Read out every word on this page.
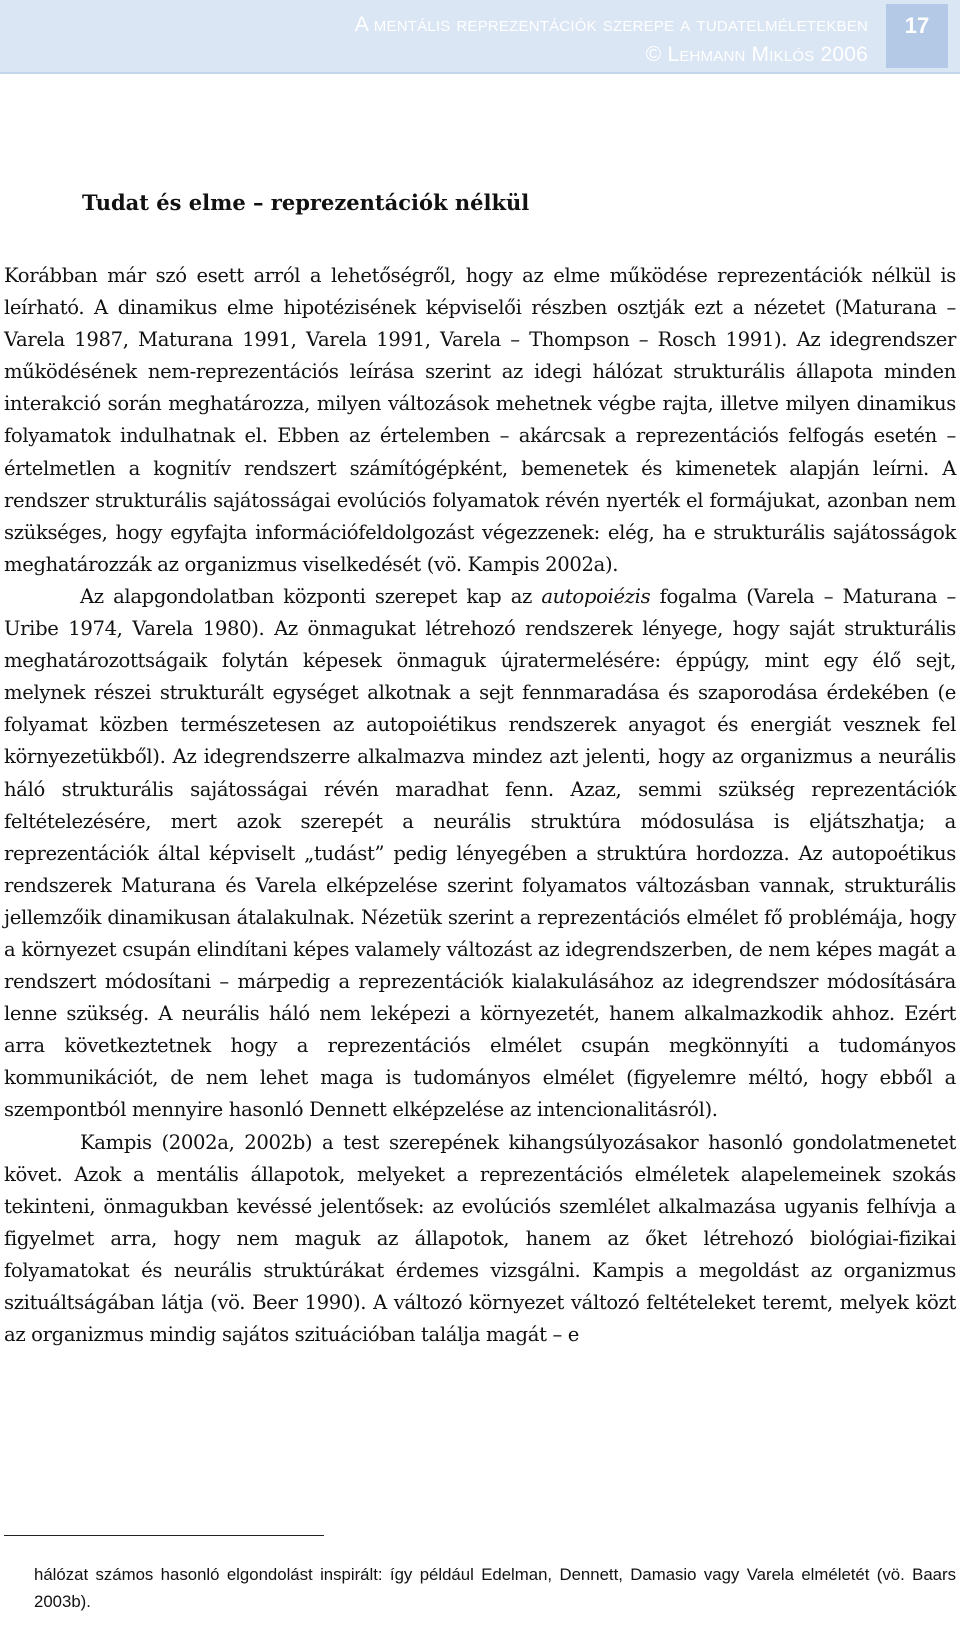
A mentális reprezentációk szerepe a tudatelméletekben
© Lehmann Miklós 2006
17
Tudat és elme – reprezentációk nélkül

Korábban már szó esett arról a lehetőségről, hogy az elme működése reprezentációk nélkül is leírható. A dinamikus elme hipotézisének képviselői részben osztják ezt a nézetet (Maturana – Varela 1987, Maturana 1991, Varela 1991, Varela – Thompson – Rosch 1991). Az idegrendszer működésének nem-reprezentációs leírása szerint az idegi hálózat strukturális állapota minden interakció során meghatározza, milyen változások mehetnek végbe rajta, illetve milyen dinamikus folyamatok indulhatnak el. Ebben az értelemben – akárcsak a reprezentációs felfogás esetén – értelmetlen a kognitív rendszert számítógépként, bemenetek és kimenetek alapján leírni. A rendszer strukturális sajátosságai evolúciós folyamatok révén nyerték el formájukat, azonban nem szükséges, hogy egyfajta információfeldolgozást végezzenek: elég, ha e strukturális sajátosságok meghatározzák az organizmus viselkedését (vö. Kampis 2002a).

Az alapgondolatban központi szerepet kap az autopoiézis fogalma (Varela – Maturana – Uribe 1974, Varela 1980). Az önmagukat létrehozó rendszerek lényege, hogy saját strukturális meghatározottságaik folytán képesek önmaguk újratermelésére: éppúgy, mint egy élő sejt, melynek részei strukturált egységet alkotnak a sejt fennmaradása és szaporodása érdekében (e folyamat közben természetesen az autopoiétikus rendszerek anyagot és energiát vesznek fel környezetükből). Az idegrendszerre alkalmazva mindez azt jelenti, hogy az organizmus a neurális háló strukturális sajátosságai révén maradhat fenn. Azaz, semmi szükség reprezentációk feltételezésére, mert azok szerepét a neurális struktúra módosulása is eljátszhatja; a reprezentációk által képviselt „tudást” pedig lényegében a struktúra hordozza. Az autopoétikus rendszerek Maturana és Varela elképzelése szerint folyamatos változásban vannak, strukturális jellemzőik dinamikusan átalakulnak. Nézetük szerint a reprezentációs elmélet fő problémája, hogy a környezet csupán elindítani képes valamely változást az idegrendszerben, de nem képes magát a rendszert módosítani – márpedig a reprezentációk kialakulásához az idegrendszer módosítására lenne szükség. A neurális háló nem leképezi a környezetét, hanem alkalmazkodik ahhoz. Ezért arra következtetnek hogy a reprezentációs elmélet csupán megkönnyíti a tudományos kommunikációt, de nem lehet maga is tudományos elmélet (figyelemre méltó, hogy ebből a szempontból mennyire hasonló Dennett elképzelése az intencionalitásról).

Kampis (2002a, 2002b) a test szerepének kihangsúlyozásakor hasonló gondolatmenetet követ. Azok a mentális állapotok, melyeket a reprezentációs elméletek alapelemeinek szokás tekinteni, önmagukban kevéssé jelentősek: az evolúciós szemlélet alkalmazása ugyanis felhívja a figyelmet arra, hogy nem maguk az állapotok, hanem az őket létrehozó biológiai-fizikai folyamatokat és neurális struktúrákat érdemes vizsgálni. Kampis a megoldást az organizmus szituáltságában látja (vö. Beer 1990). A változó környezet változó feltételeket teremt, melyek közt az organizmus mindig sajátos szituációban találja magát – e

hálózat számos hasonló elgondolást inspirált: így például Edelman, Dennett, Damasio vagy Varela elméletét (vö. Baars 2003b).
